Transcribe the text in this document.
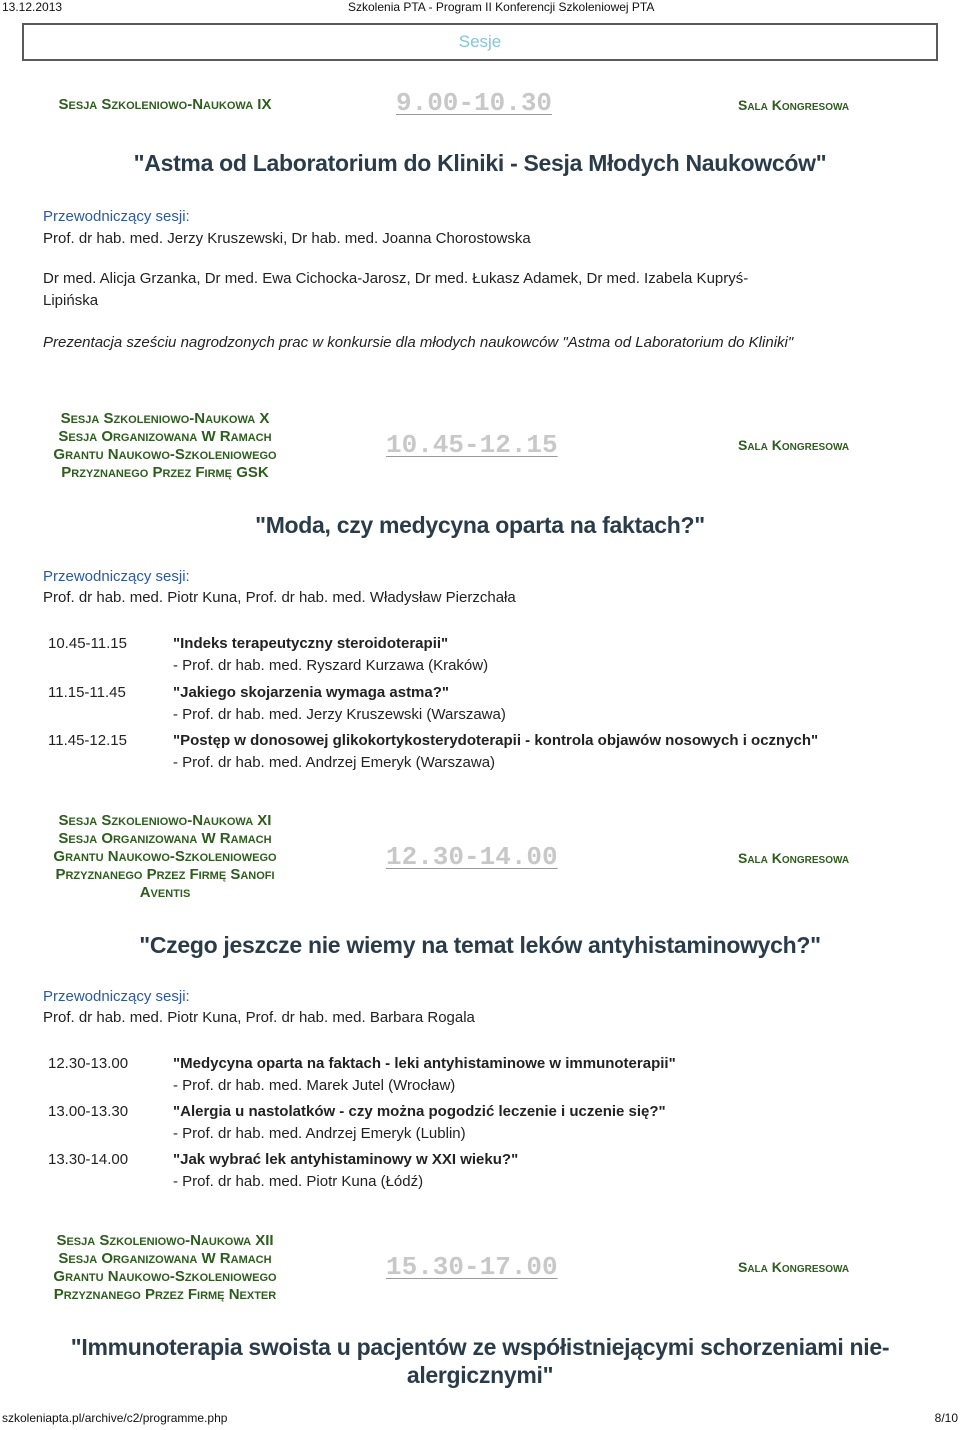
13.12.2013	Szkolenia PTA - Program II Konferencji Szkoleniowej PTA
Sesje
Sesja Szkoleniowo-Naukowa IX	9.00-10.30	Sala Kongresowa
"Astma od Laboratorium do Kliniki - Sesja Młodych Naukowców"
Przewodniczący sesji:
Prof. dr hab. med. Jerzy Kruszewski, Dr hab. med. Joanna Chorostowska
Dr med. Alicja Grzanka, Dr med. Ewa Cichocka-Jarosz, Dr med. Łukasz Adamek, Dr med. Izabela Kupryś-
Lipińska
Prezentacja sześciu nagrodzonych prac w konkursie dla młodych naukowców "Astma od Laboratorium do Kliniki"
Sesja Szkoleniowo-Naukowa X
Sesja Organizowana W Ramach
Grantu Naukowo-Szkoleniowego
Przyznanego Przez Firmę GSK
10.45-12.15	Sala Kongresowa
"Moda, czy medycyna oparta na faktach?"
Przewodniczący sesji:
Prof. dr hab. med. Piotr Kuna, Prof. dr hab. med. Władysław Pierzchała
10.45-11.15	"Indeks terapeutyczny steroidoterapii"
- Prof. dr hab. med. Ryszard Kurzawa (Kraków)
11.15-11.45	"Jakiego skojarzenia wymaga astma?"
- Prof. dr hab. med. Jerzy Kruszewski (Warszawa)
11.45-12.15	"Postęp w donosowej glikokortykosterydoterapii - kontrola objawów nosowych i ocznych"
- Prof. dr hab. med. Andrzej Emeryk (Warszawa)
Sesja Szkoleniowo-Naukowa XI
Sesja Organizowana W Ramach
Grantu Naukowo-Szkoleniowego
Przyznanego Przez Firmę Sanofi
Aventis
12.30-14.00	Sala Kongresowa
"Czego jeszcze nie wiemy na temat leków antyhistaminowych?"
Przewodniczący sesji:
Prof. dr hab. med. Piotr Kuna, Prof. dr hab. med. Barbara Rogala
12.30-13.00	"Medycyna oparta na faktach - leki antyhistaminowe w immunoterapii"
- Prof. dr hab. med. Marek Jutel (Wrocław)
13.00-13.30	"Alergia u nastolatków - czy można pogodzić leczenie i uczenie się?"
- Prof. dr hab. med. Andrzej Emeryk (Lublin)
13.30-14.00	"Jak wybrać lek antyhistaminowy w XXI wieku?"
- Prof. dr hab. med. Piotr Kuna (Łódź)
Sesja Szkoleniowo-Naukowa XII
Sesja Organizowana W Ramach
Grantu Naukowo-Szkoleniowego
Przyznanego Przez Firmę Nexter
15.30-17.00	Sala Kongresowa
"Immunoterapia swoista u pacjentów ze współistniejącymi schorzeniami nie-
alergicznymi"
szkoleniapta.pl/archive/c2/programme.php	8/10
